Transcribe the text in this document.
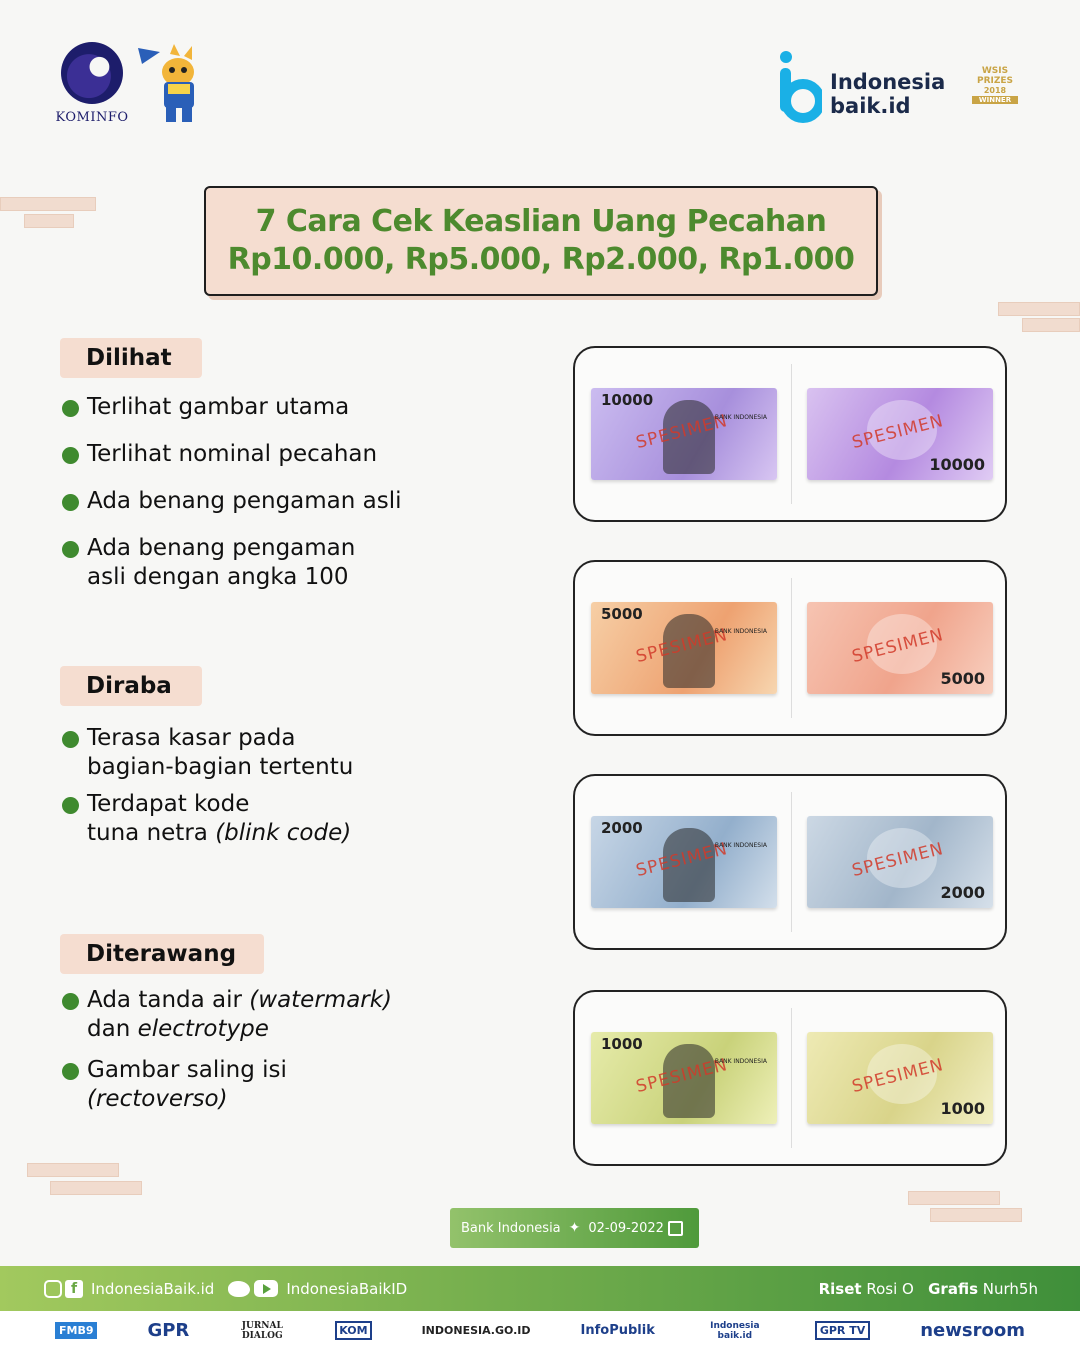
KOMINFO
Indonesia
baik.id
WSIS
PRIZES
2018
WINNER
7 Cara Cek Keaslian Uang Pecahan
Rp10.000, Rp5.000, Rp2.000, Rp1.000
Dilihat
Terlihat gambar utama
Terlihat nominal pecahan
Ada benang pengaman asli
Ada benang pengaman
asli dengan angka 100
Diraba
Terasa kasar pada
bagian-bagian tertentu
Terdapat kode
tuna netra (blink code)
Diterawang
Ada tanda air (watermark)
dan electrotype
Gambar saling isi
(rectoverso)
10000
SPESIMEN
BANK INDONESIA	SPESIMEN
10000
5000
SPESIMEN
BANK INDONESIA	SPESIMEN
5000
2000
SPESIMEN
BANK INDONESIA	SPESIMEN
2000
1000
SPESIMEN
BANK INDONESIA	SPESIMEN
1000
Bank Indonesia ✦ 02-09-2022
f IndonesiaBaik.id	IndonesiaBaikID	Riset Rosi O Grafis Nurh5h
FMB9	GPR	JURNAL DIALOG	KOM	INDONESIA.GO.ID	InfoPublik	Indonesia baik.id	GPR TV	newsroom
